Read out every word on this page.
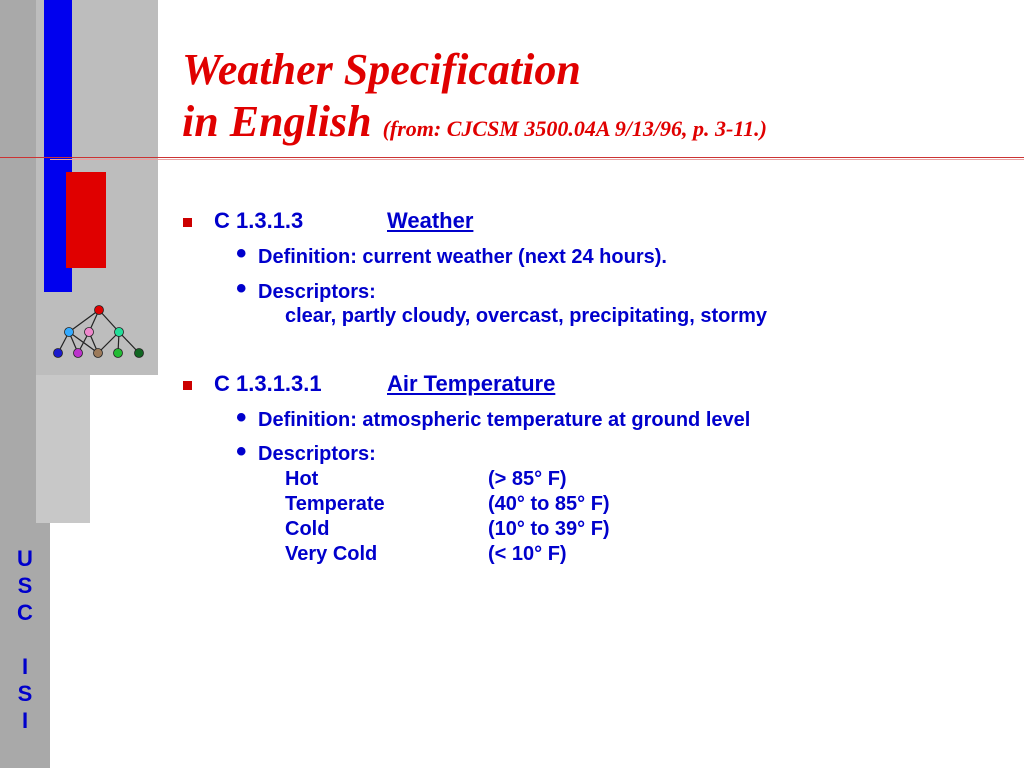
U
S
C
I
S
I
Weather Specification
in English (from: CJCSM 3500.04A 9/13/96, p. 3-11.)
C 1.3.1.3	Weather
• Definition: current weather (next 24 hours).
• Descriptors:
clear, partly cloudy, overcast, precipitating, stormy
C 1.3.1.3.1	Air Temperature
• Definition: atmospheric temperature at ground level
• Descriptors:
Hot	(> 85° F)
Temperate	(40° to 85° F)
Cold	(10° to 39° F)
Very Cold	(< 10° F)
